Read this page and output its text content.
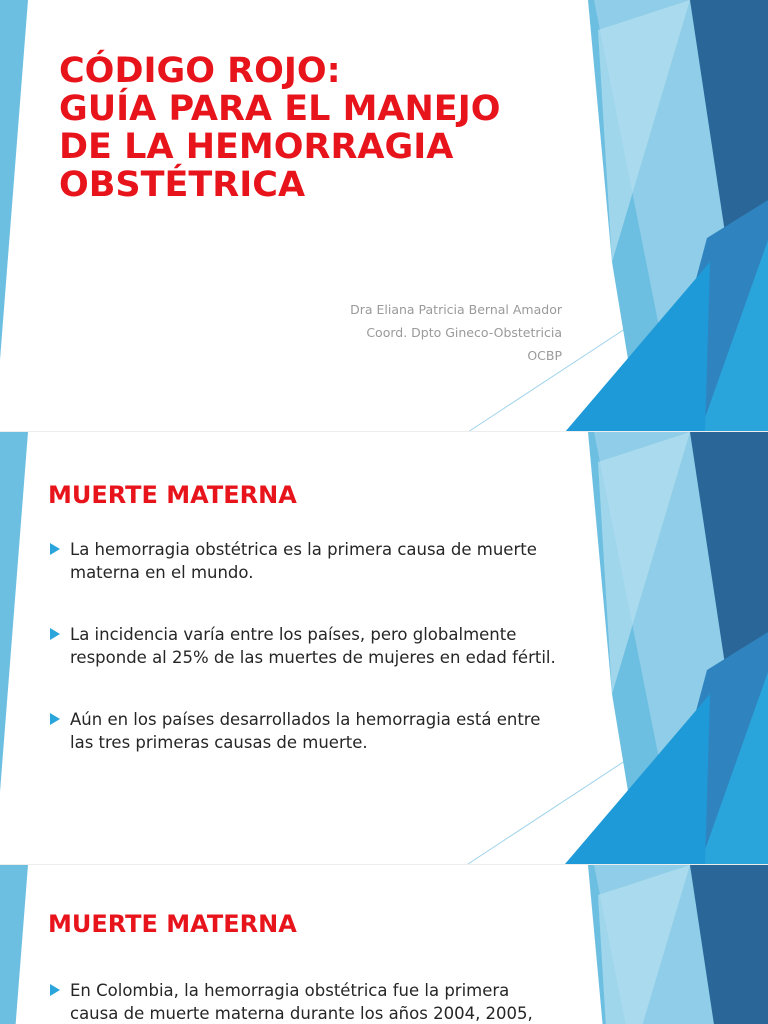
CÓDIGO ROJO:
GUÍA PARA EL MANEJO
DE LA HEMORRAGIA
OBSTÉTRICA
Dra Eliana Patricia Bernal Amador
Coord. Dpto Gineco-Obstetricia
OCBP
MUERTE MATERNA
La hemorragia obstétrica es la primera causa de muerte
materna en el mundo.
La incidencia varía entre los países, pero globalmente
responde al 25% de las muertes de mujeres en edad fértil.
Aún en los países desarrollados la hemorragia está entre
las tres primeras causas de muerte.
MUERTE MATERNA
En Colombia, la hemorragia obstétrica fue la primera
causa de muerte materna durante los años 2004, 2005,
